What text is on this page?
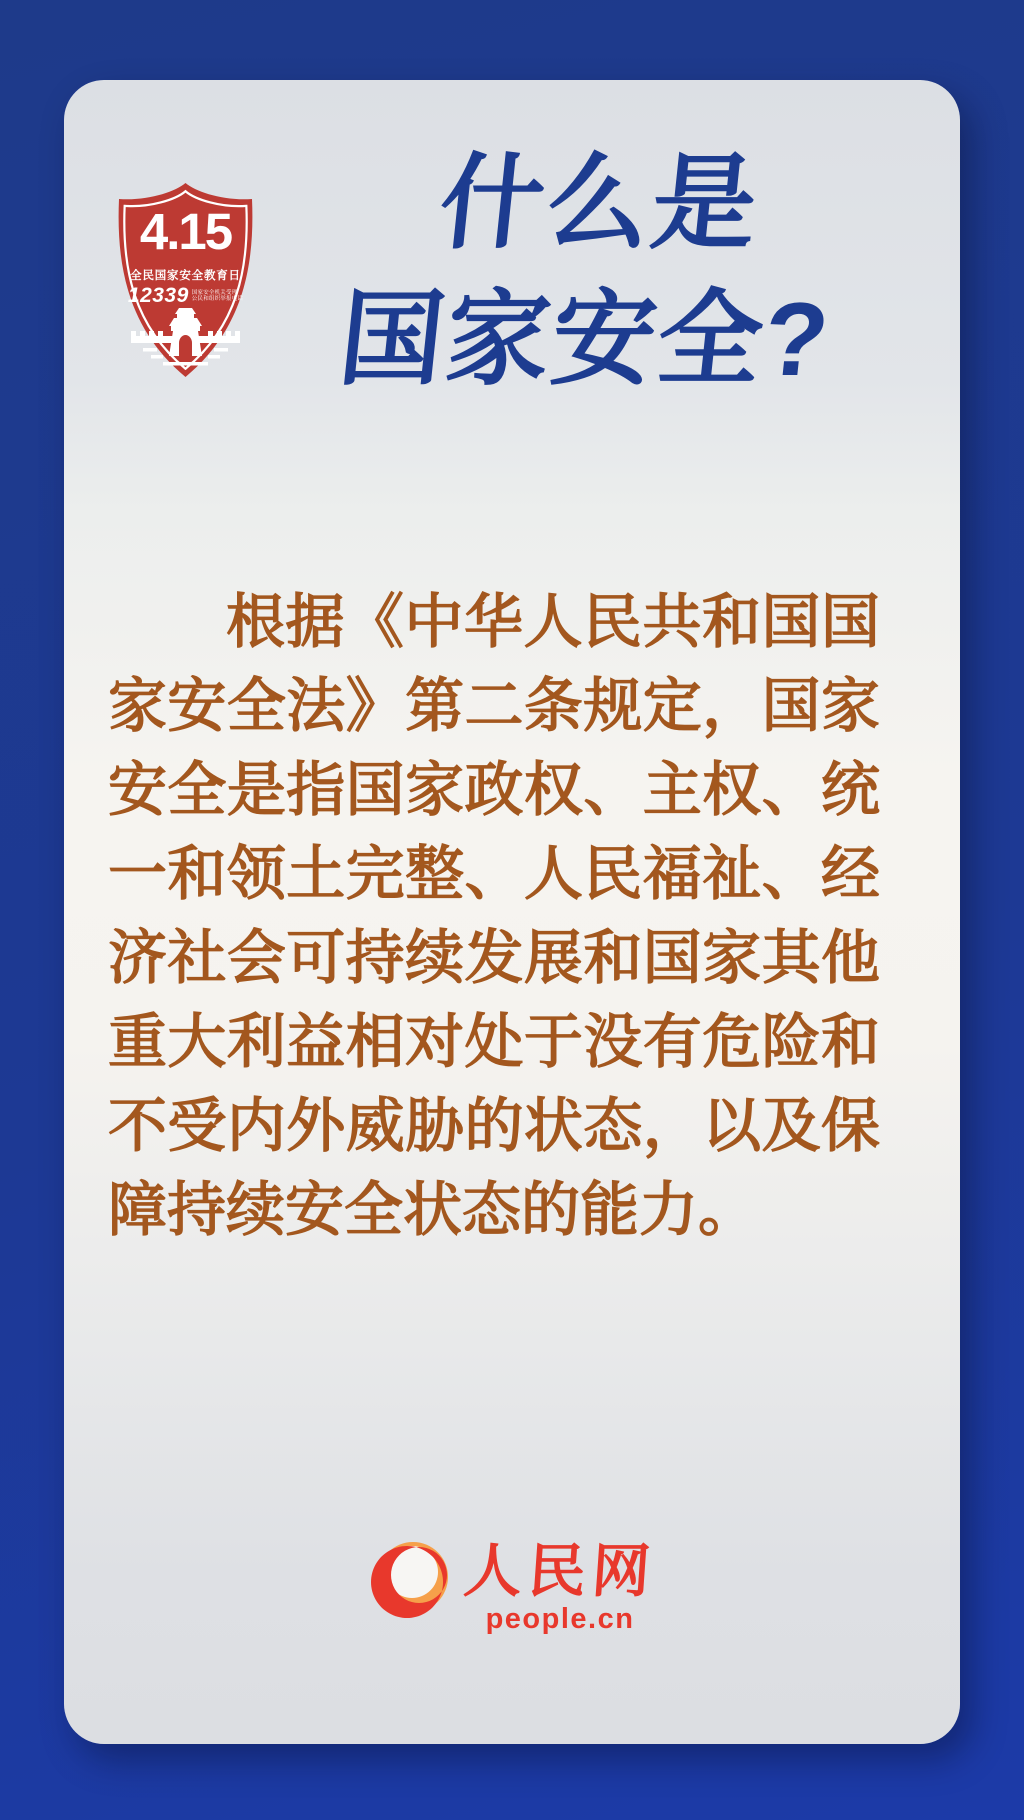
4.15
全民国家安全教育日
12339 国家安全机关受理
公民和组织举报电话
什么是
国家安全?
根据《中华人民共和国国家安全法》第二条规定，国家安全是指国家政权、主权、统一和领土完整、人民福祉、经济社会可持续发展和国家其他重大利益相对处于没有危险和不受内外威胁的状态，以及保障持续安全状态的能力。
人民网
people.cn
